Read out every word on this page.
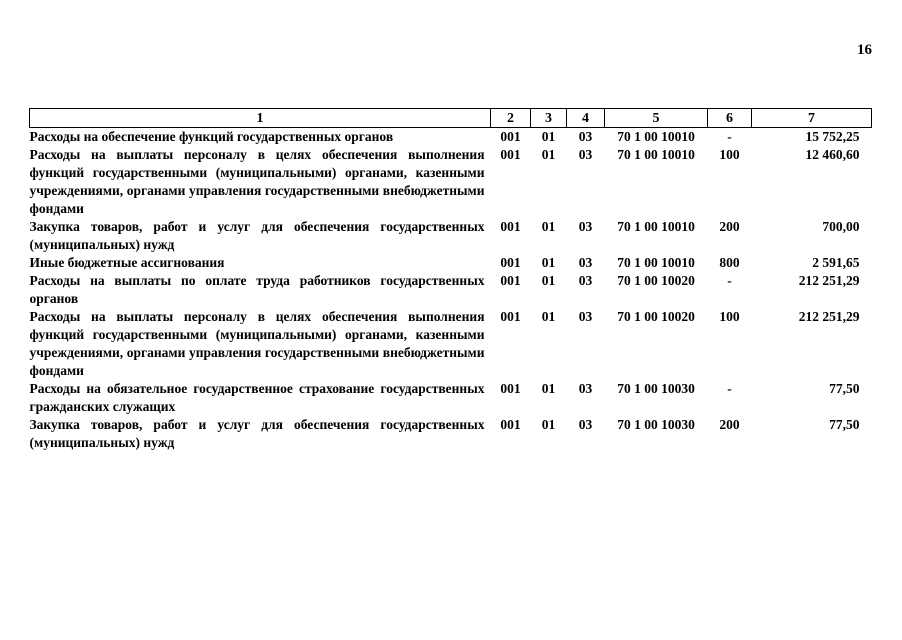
16
1	2	3	4	5	6	7
Расходы на обеспечение функций государственных органов	001	01	03	70 1 00 10010	-	15 752,25
Расходы на выплаты персоналу в целях обеспечения выполнения функций государственными (муниципальными) органами, казенными учреждениями, органами управления государственными внебюджетными фондами	001	01	03	70 1 00 10010	100	12 460,60
Закупка товаров, работ и услуг для обеспечения государственных (муниципальных) нужд	001	01	03	70 1 00 10010	200	700,00
Иные бюджетные ассигнования	001	01	03	70 1 00 10010	800	2 591,65
Расходы на выплаты по оплате труда работников государственных органов	001	01	03	70 1 00 10020	-	212 251,29
Расходы на выплаты персоналу в целях обеспечения выполнения функций государственными (муниципальными) органами, казенными учреждениями, органами управления государственными внебюджетными фондами	001	01	03	70 1 00 10020	100	212 251,29
Расходы на обязательное государственное страхование государственных гражданских служащих	001	01	03	70 1 00 10030	-	77,50
Закупка товаров, работ и услуг для обеспечения государственных (муниципальных) нужд	001	01	03	70 1 00 10030	200	77,50
